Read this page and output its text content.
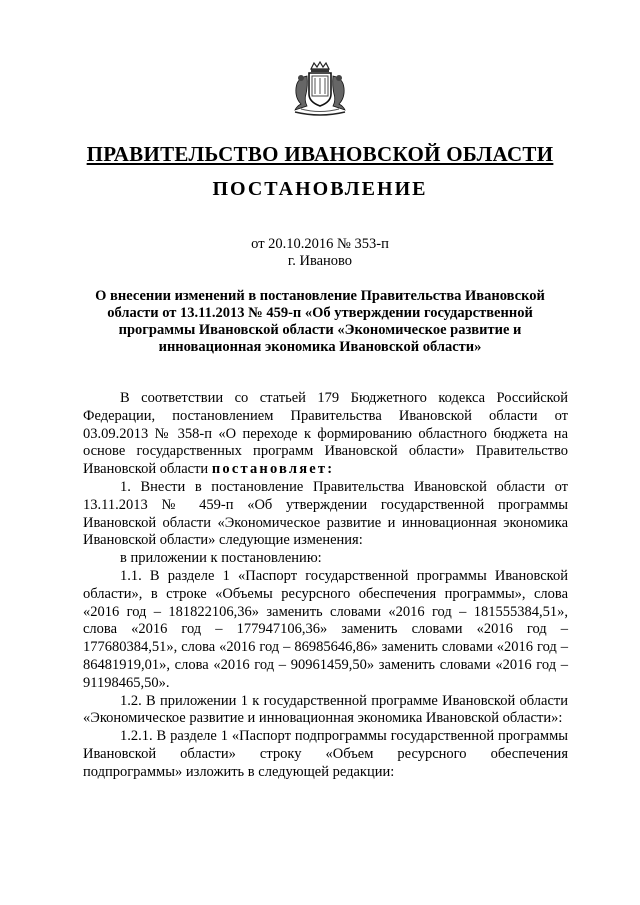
ПРАВИТЕЛЬСТВО ИВАНОВСКОЙ ОБЛАСТИ
ПОСТАНОВЛЕНИЕ
от 20.10.2016 № 353-п
г. Иваново
О внесении изменений в постановление Правительства Ивановской области от 13.11.2013 № 459-п «Об утверждении государственной программы Ивановской области «Экономическое развитие и инновационная экономика Ивановской области»

В соответствии со статьей 179 Бюджетного кодекса Российской Федерации, постановлением Правительства Ивановской области от 03.09.2013 № 358-п «О переходе к формированию областного бюджета на основе государственных программ Ивановской области» Правительство Ивановской области постановляет:

1. Внести в постановление Правительства Ивановской области от 13.11.2013 № 459-п «Об утверждении государственной программы Ивановской области «Экономическое развитие и инновационная экономика Ивановской области» следующие изменения:

в приложении к постановлению:

1.1. В разделе 1 «Паспорт государственной программы Ивановской области», в строке «Объемы ресурсного обеспечения программы», слова «2016 год – 181822106,36» заменить словами «2016 год – 181555384,51», слова «2016 год – 177947106,36» заменить словами «2016 год – 177680384,51», слова «2016 год – 86985646,86» заменить словами «2016 год – 86481919,01», слова «2016 год – 90961459,50» заменить словами «2016 год – 91198465,50».

1.2. В приложении 1 к государственной программе Ивановской области «Экономическое развитие и инновационная экономика Ивановской области»:

1.2.1. В разделе 1 «Паспорт подпрограммы государственной программы Ивановской области» строку «Объем ресурсного обеспечения подпрограммы» изложить в следующей редакции:
